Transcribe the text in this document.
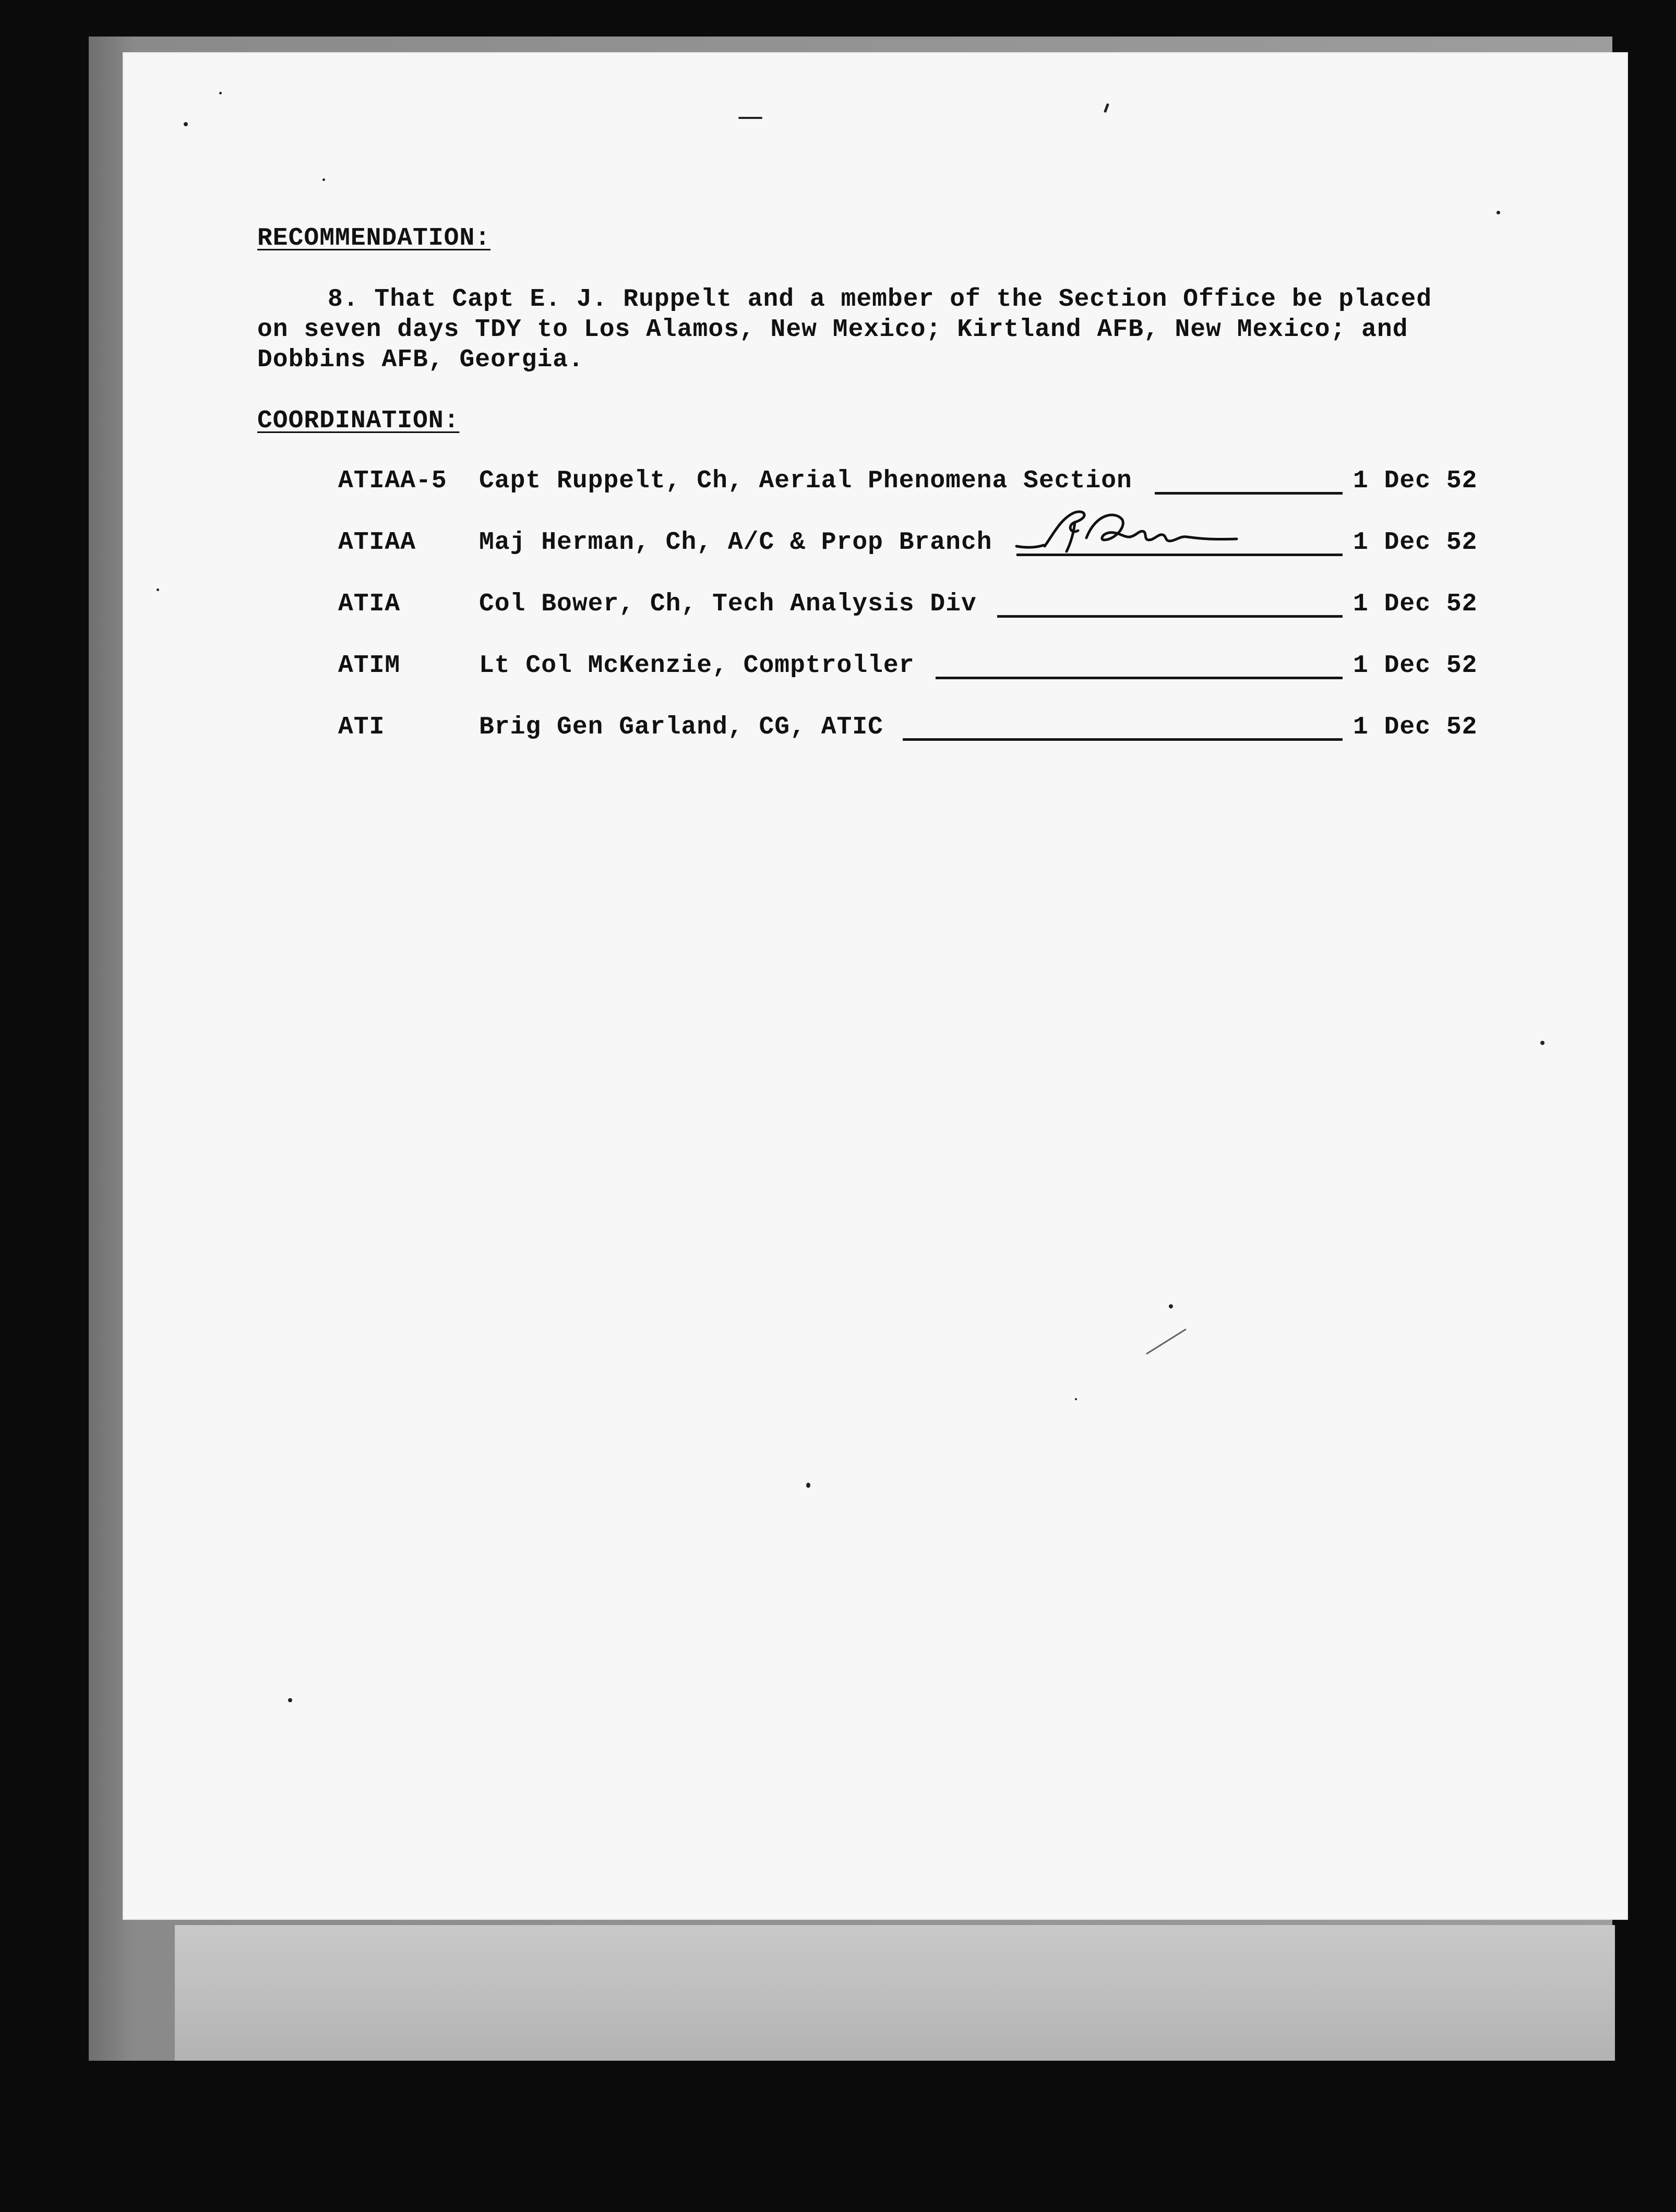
RECOMMENDATION:
8. That Capt E. J. Ruppelt and a member of the Section Office be placed
on seven days TDY to Los Alamos, New Mexico; Kirtland AFB, New Mexico; and
Dobbins AFB, Georgia.
COORDINATION:
ATIAA-5 Capt Ruppelt, Ch, Aerial Phenomena Section	1 Dec 52
ATIAA	Maj Herman, Ch, A/C & Prop Branch	1 Dec 52
ATIA	Col Bower, Ch, Tech Analysis Div	1 Dec 52
ATIM	Lt Col McKenzie, Comptroller	1 Dec 52
ATI	Brig Gen Garland, CG, ATIC	1 Dec 52
